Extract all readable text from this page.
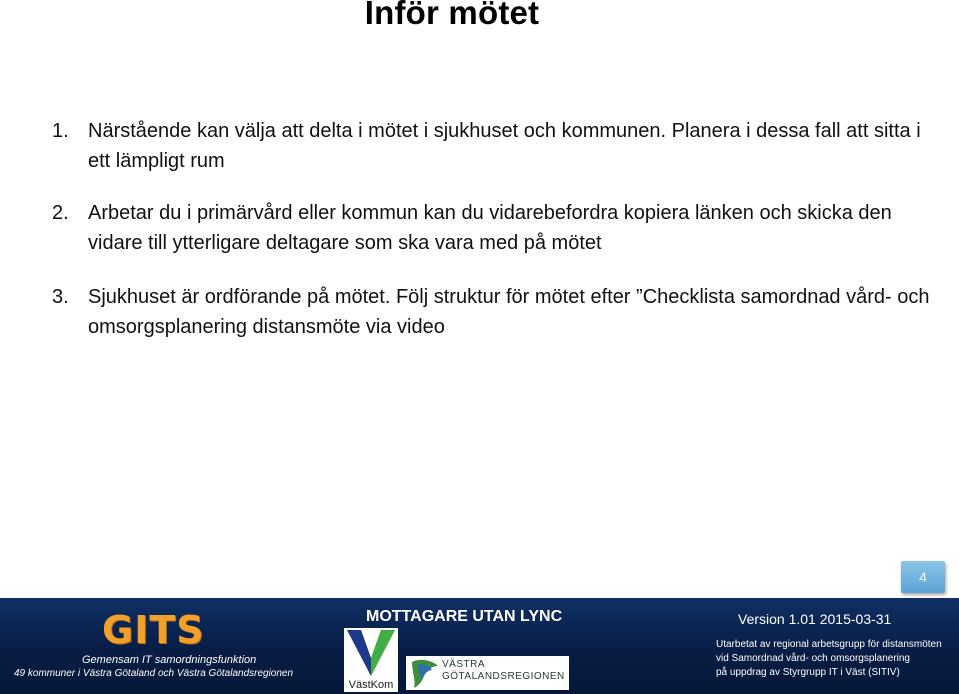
Inför mötet
1. Närstående kan välja att delta i mötet i sjukhuset och kommunen. Planera i dessa fall att sitta i ett lämpligt rum
2. Arbetar du i primärvård eller kommun kan du vidarebefordra kopiera länken och skicka den vidare till ytterligare deltagare som ska vara med på mötet
3. Sjukhuset är ordförande på mötet. Följ struktur för mötet efter ”Checklista samordnad vård- och omsorgsplanering distansmöte via video
4
GITS
Gemensam IT samordningsfunktion
49 kommuner i Västra Götaland och Västra Götalandsregionen
MOTTAGARE UTAN LYNC
VästKom
VÄSTRA
GÖTALANDSREGIONEN
Version 1.01 2015-03-31
Utarbetat av regional arbetsgrupp för distansmöten
vid Samordnad vård- och omsorgsplanering
på uppdrag av Styrgrupp IT i Väst (SITIV)
